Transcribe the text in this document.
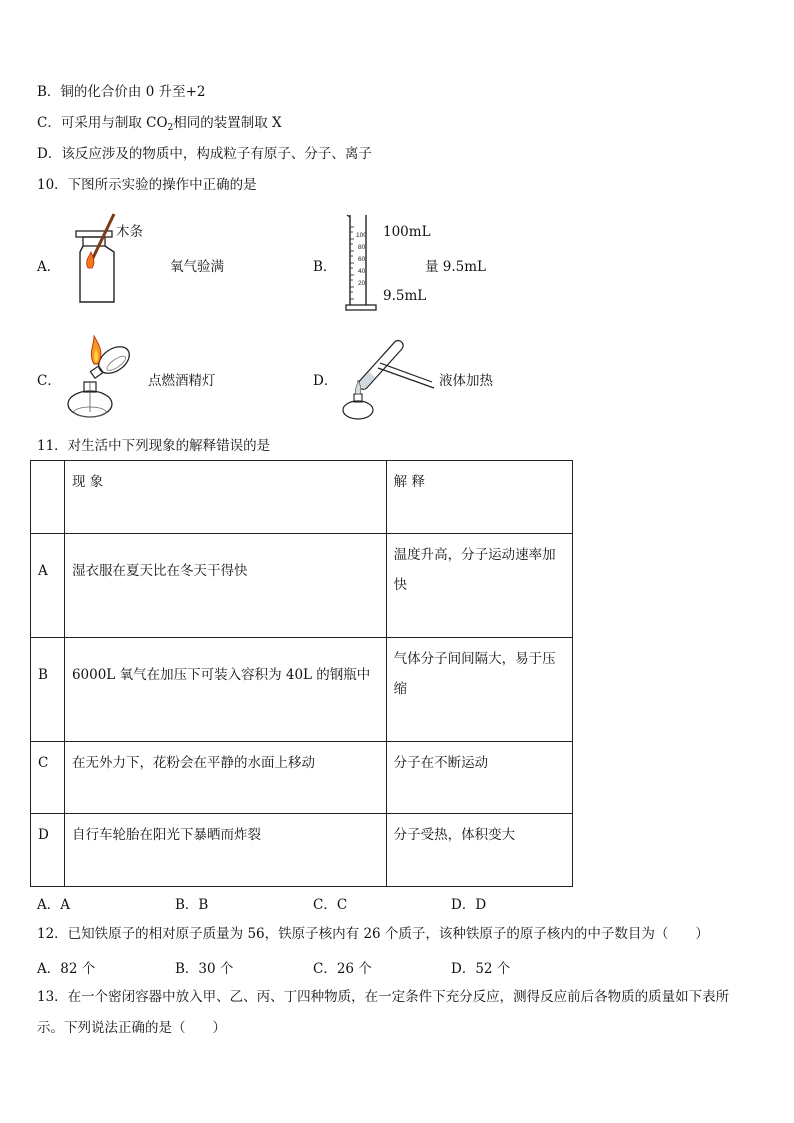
B．铜的化合价由 0 升至+2
C．可采用与制取 $CO_2$相同的装置制取 X
D．该反应涉及的物质中，构成粒子有原子、分子、离子
10．下图所示实验的操作中正确的是
A．
木条
氧气验满	B．
100
80
60
40
20
100mL
量 9.5mL
9.5mL
C．	点燃酒精灯	D．	液体加热
11．对生活中下列现象的解释错误的是

	现 象	解 释

A	湿衣服在夏天比在冬天干得快	温度升高，分子运动速率加
快

B	6000L 氧气在加压下可装入容积为 40L 的钢瓶中	气体分子间间隔大，易于压
缩

C	在无外力下，花粉会在平静的水面上移动	分子在不断运动

D	自行车轮胎在阳光下暴晒而炸裂	分子受热，体积变大
A．A	B．B	C．C	D．D
12．已知铁原子的相对原子质量为 56，铁原子核内有 26 个质子，该种铁原子的原子核内的中子数目为（　　）
A．82 个	B．30 个	C．26 个	D．52 个
13．在一个密闭容器中放入甲、乙、丙、丁四种物质，在一定条件下充分反应，测得反应前后各物质的质量如下表所
示。下列说法正确的是（　　）
